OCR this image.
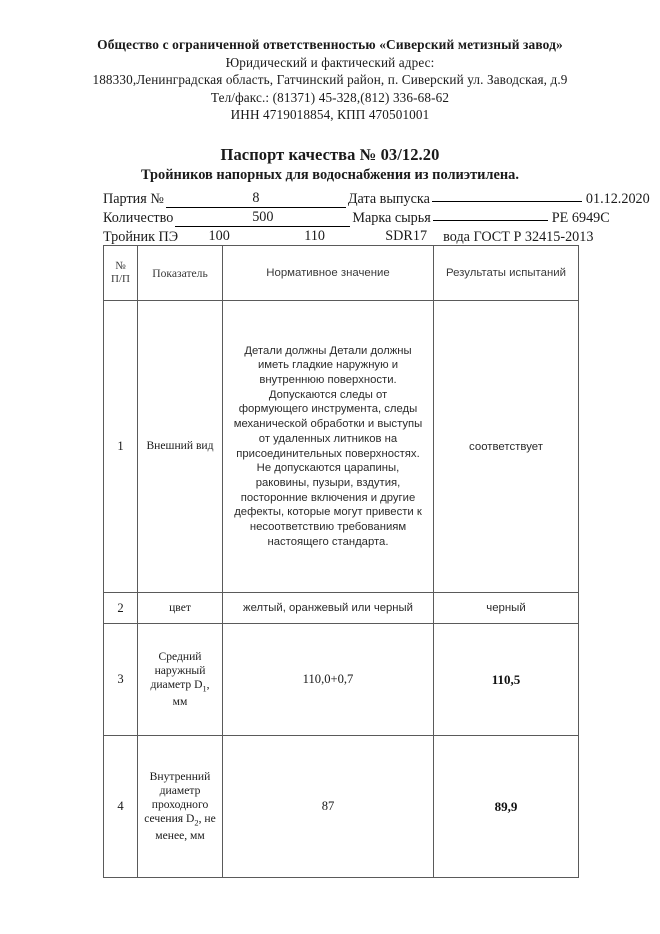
Общество с ограниченной ответственностью «Сиверский метизный завод»
Юридический и фактический адрес:
188330,Ленинградская область, Гатчинский район, п. Сиверский ул. Заводская, д.9
Тел/факс.: (81371) 45-328,(812) 336-68-62
ИНН 4719018854, КПП 470501001
Паспорт качества № 03/12.20
Тройников напорных для водоснабжения из полиэтилена.
Партия №	8	Дата выпуска	01.12.2020
Количество	500	Марка сырья	PE 6949C
Тройник ПЭ	100	110	SDR17	вода ГОСТ Р 32415-2013
№
П/П	Показатель	Нормативное значение	Результаты испытаний
1	Внешний вид	Детали должны Детали должны иметь гладкие наружную и внутреннюю поверхности. Допускаются следы от формующего инструмента, следы механической обработки и выступы от удаленных литников на присоединительных поверхностях. Не допускаются царапины, раковины, пузыри, вздутия, посторонние включения и другие дефекты, которые могут привести к несоответствию требованиям настоящего стандарта.	соответствует
2	цвет	желтый, оранжевый или черный	черный
3	Средний наружный диаметр $D_1$, мм	110,0+0,7	110,5
4	Внутренний диаметр проходного сечения $D_2$, не менее, мм	87	89,9
